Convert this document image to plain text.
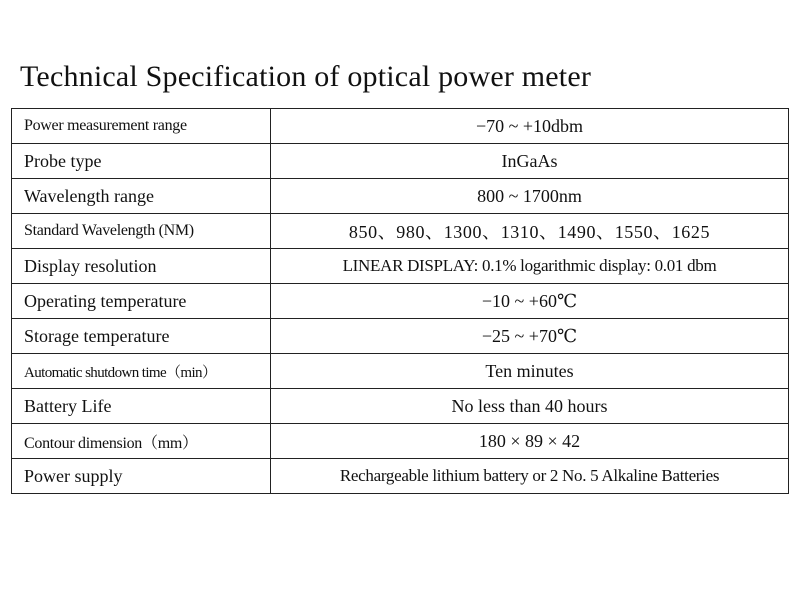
Technical Specification of optical power meter
Power measurement range	−70 ~ +10dbm
Probe type	InGaAs
Wavelength range	800 ~ 1700nm
Standard Wavelength (NM)	850、980、1300、1310、1490、1550、1625
Display resolution	LINEAR DISPLAY: 0.1% logarithmic display: 0.01 dbm
Operating temperature	−10 ~ +60℃
Storage temperature	−25 ~ +70℃
Automatic shutdown time（min）	Ten minutes
Battery Life	No less than 40 hours
Contour dimension（mm）	180 × 89 × 42
Power supply	Rechargeable lithium battery or 2 No. 5 Alkaline Batteries
